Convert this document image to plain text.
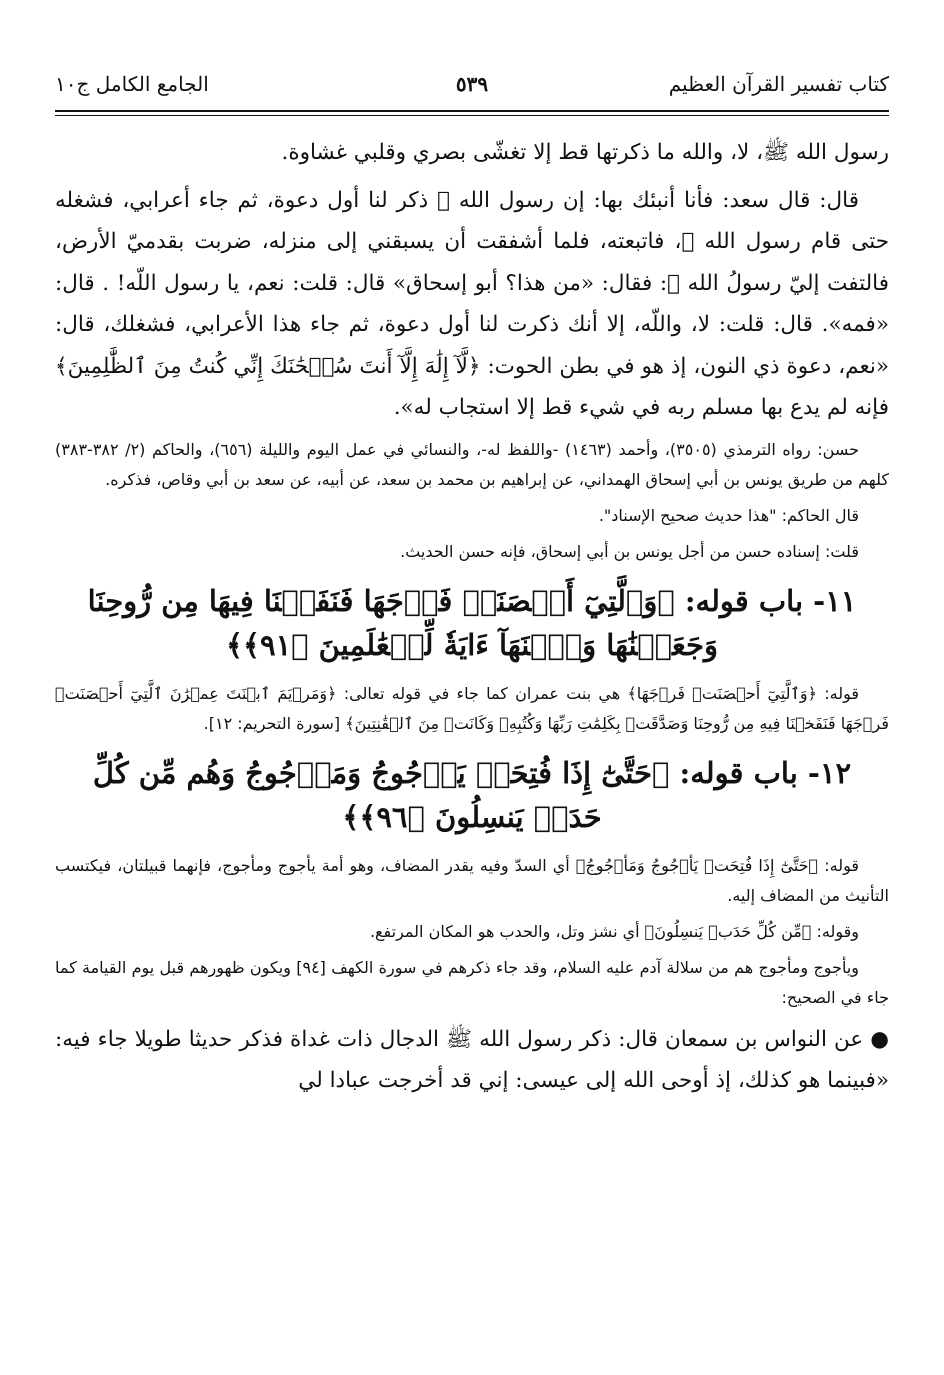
كتاب تفسير القرآن العظيم
٥٣٩
الجامع الكامل ج١٠

رسول الله ﷺ، لا، والله ما ذكرتها قط إلا تغشّى بصري وقلبي غشاوة.

قال: قال سعد: فأنا أنبئك بها: إن رسول الله ﷺ ذكر لنا أول دعوة، ثم جاء أعرابي، فشغله حتى قام رسول الله ﷺ، فاتبعته، فلما أشفقت أن يسبقني إلى منزله، ضربت بقدميّ الأرض، فالتفت إليّ رسولُ الله ﷺ: فقال: «من هذا؟ أبو إسحاق» قال: قلت: نعم، يا رسول اللّه! . قال: «فمه». قال: قلت: لا، واللّه، إلا أنك ذكرت لنا أول دعوة، ثم جاء هذا الأعرابي، فشغلك، قال: «نعم، دعوة ذي النون، إذ هو في بطن الحوت: ﴿لَّآ إِلَٰهَ إِلَّآ أَنتَ سُبۡحَٰنَكَ إِنِّي كُنتُ مِنَ ٱلظَّٰلِمِينَ﴾ فإنه لم يدع بها مسلم ربه في شيء قط إلا استجاب له».

حسن: رواه الترمذي (٣٥٠٥)، وأحمد (١٤٦٣) -واللفظ له-، والنسائي في عمل اليوم والليلة (٦٥٦)، والحاكم (٢/ ٣٨٢-٣٨٣) كلهم من طريق يونس بن أبي إسحاق الهمداني، عن إبراهيم بن محمد بن سعد، عن أبيه، عن سعد بن أبي وقاص، فذكره.

قال الحاكم: "هذا حديث صحيح الإسناد".

قلت: إسناده حسن من أجل يونس بن أبي إسحاق، فإنه حسن الحديث.

١١- باب قوله: ﴿وَٱلَّتِيٓ أَحۡصَنَتۡ فَرۡجَهَا فَنَفَخۡنَا فِيهَا مِن رُّوحِنَا وَجَعَلۡنَٰهَا وَٱبۡنَهَآ ءَايَةٗ لِّلۡعَٰلَمِينَ ﴿٩١﴾﴾

قوله: ﴿وَٱلَّتِيٓ أَحۡصَنَتۡ فَرۡجَهَا﴾ هي بنت عمران كما جاء في قوله تعالى: ﴿وَمَرۡيَمَ ٱبۡنَتَ عِمۡرَٰنَ ٱلَّتِيٓ أَحۡصَنَتۡ فَرۡجَهَا فَنَفَخۡنَا فِيهِ مِن رُّوحِنَا وَصَدَّقَتۡ بِكَلِمَٰتِ رَبِّهَا وَكُتُبِهِۦ وَكَانَتۡ مِنَ ٱلۡقَٰنِتِينَ﴾ [سورة التحريم: ١٢].

١٢- باب قوله: ﴿حَتَّىٰٓ إِذَا فُتِحَتۡ يَأۡجُوجُ وَمَأۡجُوجُ وَهُم مِّن كُلِّ حَدَبٖ يَنسِلُونَ ﴿٩٦﴾﴾

قوله: ﴿حَتَّىٰٓ إِذَا فُتِحَتۡ يَأۡجُوجُ وَمَأۡجُوجُ﴾ أي السدّ وفيه يقدر المضاف، وهو أمة يأجوج ومأجوج، فإنهما قبيلتان، فيكتسب التأنيث من المضاف إليه.

وقوله: ﴿مِّن كُلِّ حَدَبٖ يَنسِلُونَ﴾ أي نشز وتل، والحدب هو المكان المرتفع.

ويأجوج ومأجوج هم من سلالة آدم عليه السلام، وقد جاء ذكرهم في سورة الكهف [٩٤] ويكون ظهورهم قبل يوم القيامة كما جاء في الصحيح:

● عن النواس بن سمعان قال: ذكر رسول الله ﷺ الدجال ذات غداة فذكر حديثا طويلا جاء فيه: «فبينما هو كذلك، إذ أوحى الله إلى عيسى: إني قد أخرجت عبادا لي
